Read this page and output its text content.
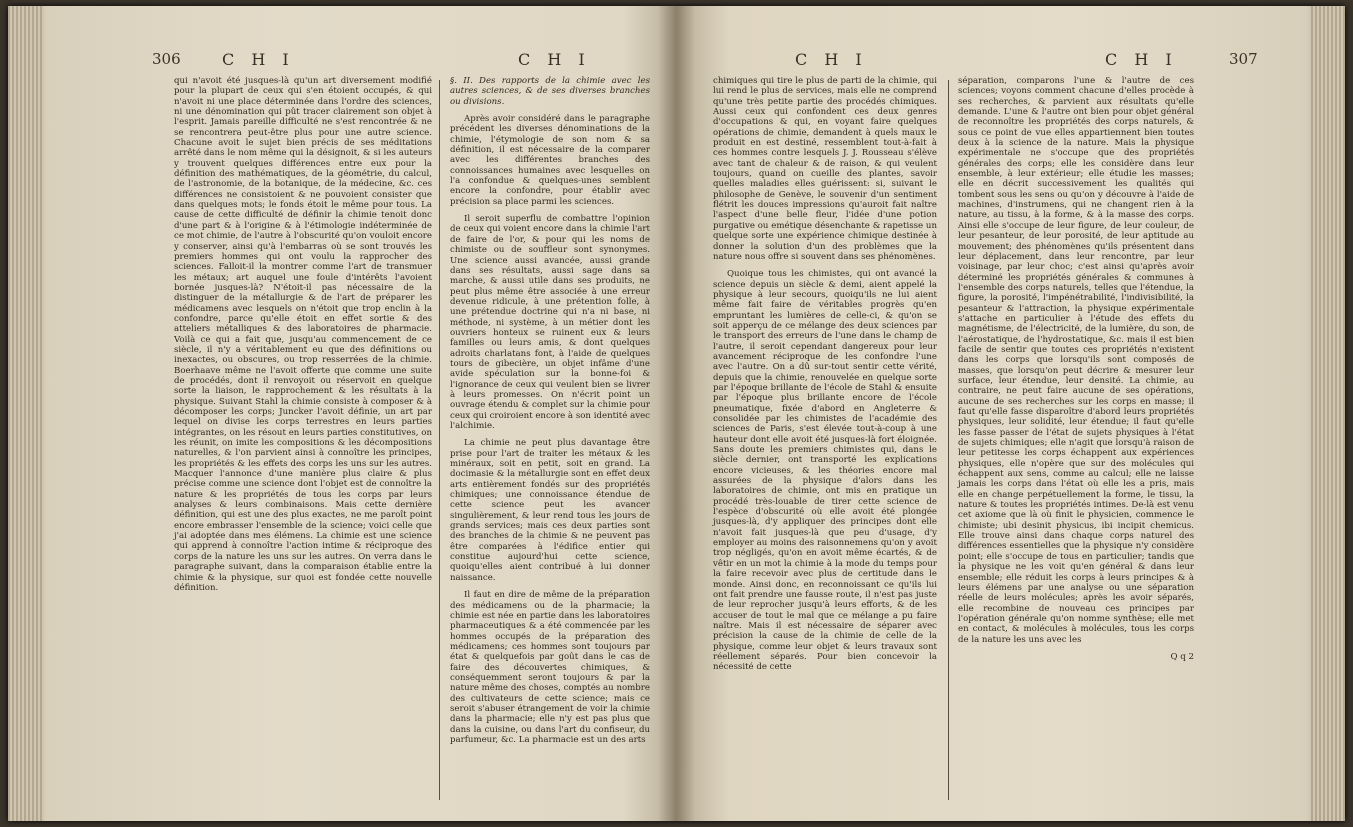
306	C H I	C H I

qui n'avoit été jusques-là qu'un art diversement modifié pour la plupart de ceux qui s'en étoient occupés, & qui n'avoit ni une place déterminée dans l'ordre des sciences, ni une dénomination qui pût tracer clairement son objet à l'esprit. Jamais pareille difficulté ne s'est rencontrée & ne se rencontrera peut-être plus pour une autre science. Chacune avoit le sujet bien précis de ses méditations arrêté dans le nom même qui la désignoit, & si les auteurs y trouvent quelques différences entre eux pour la définition des mathématiques, de la géométrie, du calcul, de l'astronomie, de la botanique, de la médecine, &c. ces différences ne consistoient & ne pouvoient consister que dans quelques mots; le fonds étoit le même pour tous. La cause de cette difficulté de définir la chimie tenoit donc d'une part & à l'origine & à l'étimologie indéterminée de ce mot chimie, de l'autre à l'obscurité qu'on vouloit encore y conserver, ainsi qu'à l'embarras où se sont trouvés les premiers hommes qui ont voulu la rapprocher des sciences. Falloit-il la montrer comme l'art de transmuer les métaux; art auquel une foule d'intérêts l'avoient bornée jusques-là? N'étoit-il pas nécessaire de la distinguer de la métallurgie & de l'art de préparer les médicamens avec lesquels on n'étoit que trop enclin à la confondre, parce qu'elle étoit en effet sortie & des atteliers métalliques & des laboratoires de pharmacie. Voilà ce qui a fait que, jusqu'au commencement de ce siècle, il n'y a véritablement eu que des définitions ou inexactes, ou obscures, ou trop resserrées de la chimie. Boerhaave même ne l'avoit offerte que comme une suite de procédés, dont il renvoyoit ou réservoit en quelque sorte la liaison, le rapprochement & les résultats à la physique. Suivant Stahl la chimie consiste à composer & à décomposer les corps; Juncker l'avoit définie, un art par lequel on divise les corps terrestres en leurs parties intégrantes, on les résout en leurs parties constitutives, on les réunit, on imite les compositions & les décompositions naturelles, & l'on parvient ainsi à connoître les principes, les propriétés & les effets des corps les uns sur les autres. Macquer l'annonce d'une manière plus claire & plus précise comme une science dont l'objet est de connoître la nature & les propriétés de tous les corps par leurs analyses & leurs combinaisons. Mais cette dernière définition, qui est une des plus exactes, ne me paroît point encore embrasser l'ensemble de la science; voici celle que j'ai adoptée dans mes élémens. La chimie est une science qui apprend à connoître l'action intime & réciproque des corps de la nature les uns sur les autres. On verra dans le paragraphe suivant, dans la comparaison établie entre la chimie & la physique, sur quoi est fondée cette nouvelle définition.

§. II. Des rapports de la chimie avec les autres sciences, & de ses diverses branches ou divisions.

Après avoir considéré dans le paragraphe précédent les diverses dénominations de la chimie, l'étymologie de son nom & sa définition, il est nécessaire de la comparer avec les différentes branches des connoissances humaines avec lesquelles on l'a confondue & quelques-unes semblent encore la confondre, pour établir avec précision sa place parmi les sciences.

Il seroit superflu de combattre l'opinion de ceux qui voient encore dans la chimie l'art de faire de l'or, & pour qui les noms de chimiste ou de souffleur sont synonymes. Une science aussi avancée, aussi grande dans ses résultats, aussi sage dans sa marche, & aussi utile dans ses produits, ne peut plus même être associée à une erreur devenue ridicule, à une prétention folle, à une prétendue doctrine qui n'a ni base, ni méthode, ni système, à un métier dont les ouvriers honteux se ruinent eux & leurs familles ou leurs amis, & dont quelques adroits charlatans font, à l'aide de quelques tours de gibecière, un objet infâme d'une avide spéculation sur la bonne-foi & l'ignorance de ceux qui veulent bien se livrer à leurs promesses. On n'écrit point un ouvrage étendu & complet sur la chimie pour ceux qui croiroient encore à son identité avec l'alchimie.

La chimie ne peut plus davantage être prise pour l'art de traiter les métaux & les minéraux, soit en petit, soit en grand. La docimasie & la métallurgie sont en effet deux arts entièrement fondés sur des propriétés chimiques; une connoissance étendue de cette science peut les avancer singulièrement, & leur rend tous les jours de grands services; mais ces deux parties sont des branches de la chimie & ne peuvent pas être comparées à l'édifice entier qui constitue aujourd'hui cette science, quoiqu'elles aient contribué à lui donner naissance.

Il faut en dire de même de la préparation des médicamens ou de la pharmacie; la chimie est née en partie dans les laboratoires pharmaceutiques & a été commencée par les hommes occupés de la préparation des médicamens; ces hommes sont toujours par état & quelquefois par goût dans le cas de faire des découvertes chimiques, & conséquemment seront toujours & par la nature même des choses, comptés au nombre des cultivateurs de cette science; mais ce seroit s'abuser étrangement de voir la chimie dans la pharmacie; elle n'y est pas plus que dans la cuisine, ou dans l'art du confiseur, du parfumeur, &c. La pharmacie est un des arts

C H I	C H I	307

chimiques qui tire le plus de parti de la chimie, qui lui rend le plus de services, mais elle ne comprend qu'une très petite partie des procédés chimiques. Aussi ceux qui confondent ces deux genres d'occupations & qui, en voyant faire quelques opérations de chimie, demandent à quels maux le produit en est destiné, ressemblent tout-à-fait à ces hommes contre lesquels J. J. Rousseau s'élève avec tant de chaleur & de raison, & qui veulent toujours, quand on cueille des plantes, savoir quelles maladies elles guérissent: si, suivant le philosophe de Genève, le souvenir d'un sentiment flétrit les douces impressions qu'auroit fait naître l'aspect d'une belle fleur, l'idée d'une potion purgative ou emétique désenchante & rapetisse un quelque sorte une expérience chimique destinée à donner la solution d'un des problèmes que la nature nous offre si souvent dans ses phénomènes.

Quoique tous les chimistes, qui ont avancé la science depuis un siècle & demi, aient appelé la physique à leur secours, quoiqu'ils ne lui aient même fait faire de véritables progrès qu'en empruntant les lumières de celle-ci, & qu'on se soit apperçu de ce mélange des deux sciences par le transport des erreurs de l'une dans le champ de l'autre, il seroit cependant dangereux pour leur avancement réciproque de les confondre l'une avec l'autre. On a dû sur-tout sentir cette vérité, depuis que la chimie, renouvelée en quelque sorte par l'époque brillante de l'école de Stahl & ensuite par l'époque plus brillante encore de l'école pneumatique, fixée d'abord en Angleterre & consolidée par les chimistes de l'académie des sciences de Paris, s'est élevée tout-à-coup à une hauteur dont elle avoit été jusques-là fort éloignée. Sans doute les premiers chimistes qui, dans le siècle dernier, ont transporté les explications encore vicieuses, & les théories encore mal assurées de la physique d'alors dans les laboratoires de chimie, ont mis en pratique un procédé très-louable de tirer cette science de l'espèce d'obscurité où elle avoit été plongée jusques-là, d'y appliquer des principes dont elle n'avoit fait jusques-là que peu d'usage, d'y employer au moins des raisonnemens qu'on y avoit trop négligés, qu'on en avoit même écartés, & de vêtir en un mot la chimie à la mode du temps pour la faire recevoir avec plus de certitude dans le monde. Ainsi donc, en reconnoissant ce qu'ils lui ont fait prendre une fausse route, il n'est pas juste de leur reprocher jusqu'à leurs efforts, & de les accuser de tout le mal que ce mélange a pu faire naître. Mais il est nécessaire de séparer avec précision la cause de la chimie de celle de la physique, comme leur objet & leurs travaux sont réellement séparés. Pour bien concevoir la nécessité de cette

séparation, comparons l'une & l'autre de ces sciences; voyons comment chacune d'elles procède à ses recherches, & parvient aux résultats qu'elle demande. L'une & l'autre ont bien pour objet général de reconnoître les propriétés des corps naturels, & sous ce point de vue elles appartiennent bien toutes deux à la science de la nature. Mais la physique expérimentale ne s'occupe que des propriétés générales des corps; elle les considère dans leur ensemble, à leur extérieur; elle étudie les masses; elle en décrit successivement les qualités qui tombent sous les sens ou qu'on y découvre à l'aide de machines, d'instrumens, qui ne changent rien à la nature, au tissu, à la forme, & à la masse des corps. Ainsi elle s'occupe de leur figure, de leur couleur, de leur pesanteur, de leur porosité, de leur aptitude au mouvement; des phénomènes qu'ils présentent dans leur déplacement, dans leur rencontre, par leur voisinage, par leur choc; c'est ainsi qu'après avoir déterminé les propriétés générales & communes à l'ensemble des corps naturels, telles que l'étendue, la figure, la porosité, l'impénétrabilité, l'indivisibilité, la pesanteur & l'attraction, la physique expérimentale s'attache en particulier à l'étude des effets du magnétisme, de l'électricité, de la lumière, du son, de l'aérostatique, de l'hydrostatique, &c. mais il est bien facile de sentir que toutes ces propriétés n'existent dans les corps que lorsqu'ils sont composés de masses, que lorsqu'on peut décrire & mesurer leur surface, leur étendue, leur densité. La chimie, au contraire, ne peut faire aucune de ses opérations, aucune de ses recherches sur les corps en masse; il faut qu'elle fasse disparoître d'abord leurs propriétés physiques, leur solidité, leur étendue; il faut qu'elle les fasse passer de l'état de sujets physiques à l'état de sujets chimiques; elle n'agit que lorsqu'à raison de leur petitesse les corps échappent aux expériences physiques, elle n'opère que sur des molécules qui échappent aux sens, comme au calcul; elle ne laisse jamais les corps dans l'état où elle les a pris, mais elle en change perpétuellement la forme, le tissu, la nature & toutes les propriétés intimes. De-là est venu cet axiome que là où finit le physicien, commence le chimiste; ubi desinit physicus, ibi incipit chemicus. Elle trouve ainsi dans chaque corps naturel des différences essentielles que la physique n'y considère point; elle s'occupe de tous en particulier; tandis que la physique ne les voit qu'en général & dans leur ensemble; elle réduit les corps à leurs principes & à leurs élémens par une analyse ou une séparation réelle de leurs molécules; après les avoir séparés, elle recombine de nouveau ces principes par l'opération générale qu'on nomme synthèse; elle met en contact, & molécules à molécules, tous les corps de la nature les uns avec les

Q q 2
